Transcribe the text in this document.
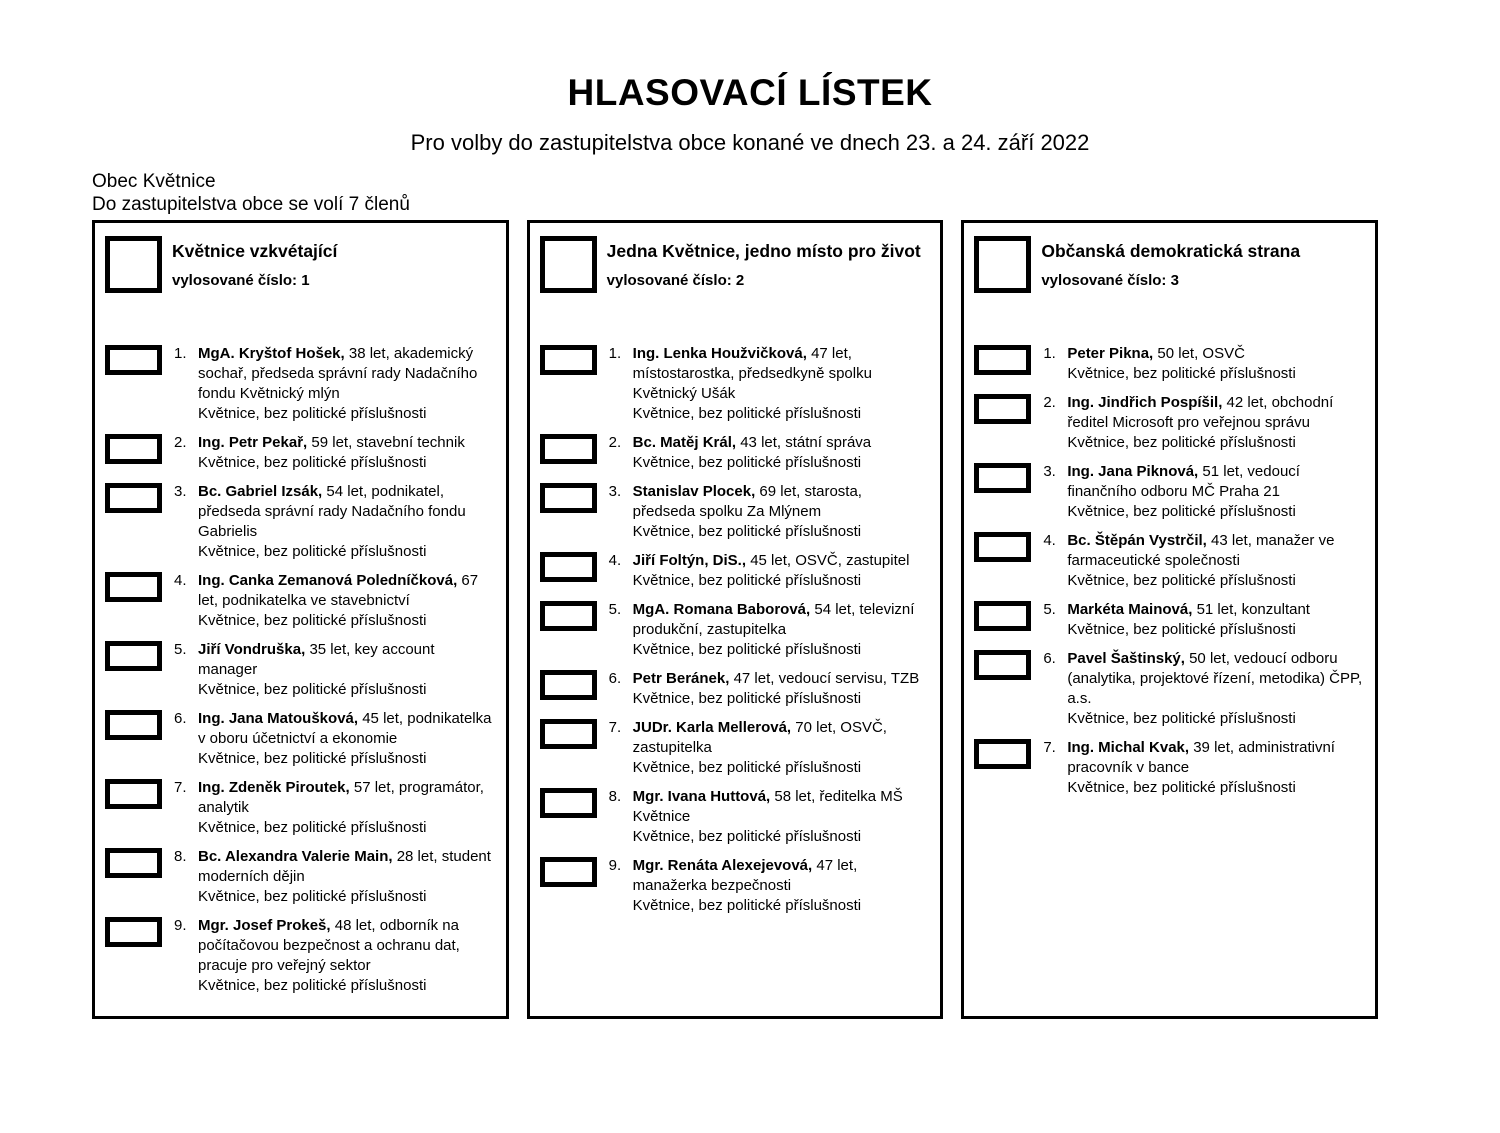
HLASOVACÍ LÍSTEK

Pro volby do zastupitelstva obce konané ve dnech 23. a 24. září 2022

Obec Květnice
Do zastupitelstva obce se volí 7 členů
Květnice vzkvétající
vylosované číslo: 1
1. MgA. Kryštof Hošek, 38 let, akademický sochař, předseda správní rady Nadačního fondu Květnický mlýn
Květnice, bez politické příslušnosti
2. Ing. Petr Pekař, 59 let, stavební technik
Květnice, bez politické příslušnosti
3. Bc. Gabriel Izsák, 54 let, podnikatel, předseda správní rady Nadačního fondu Gabrielis
Květnice, bez politické příslušnosti
4. Ing. Canka Zemanová Poledníčková, 67 let, podnikatelka ve stavebnictví
Květnice, bez politické příslušnosti
5. Jiří Vondruška, 35 let, key account manager
Květnice, bez politické příslušnosti
6. Ing. Jana Matoušková, 45 let, podnikatelka v oboru účetnictví a ekonomie
Květnice, bez politické příslušnosti
7. Ing. Zdeněk Piroutek, 57 let, programátor, analytik
Květnice, bez politické příslušnosti
8. Bc. Alexandra Valerie Main, 28 let, student moderních dějin
Květnice, bez politické příslušnosti
9. Mgr. Josef Prokeš, 48 let, odborník na počítačovou bezpečnost a ochranu dat, pracuje pro veřejný sektor
Květnice, bez politické příslušnosti
Jedna Květnice, jedno místo pro život
vylosované číslo: 2
1. Ing. Lenka Houžvičková, 47 let, místostarostka, předsedkyně spolku Květnický Ušák
Květnice, bez politické příslušnosti
2. Bc. Matěj Král, 43 let, státní správa
Květnice, bez politické příslušnosti
3. Stanislav Plocek, 69 let, starosta, předseda spolku Za Mlýnem
Květnice, bez politické příslušnosti
4. Jiří Foltýn, DiS., 45 let, OSVČ, zastupitel
Květnice, bez politické příslušnosti
5. MgA. Romana Baborová, 54 let, televizní produkční, zastupitelka
Květnice, bez politické příslušnosti
6. Petr Beránek, 47 let, vedoucí servisu, TZB
Květnice, bez politické příslušnosti
7. JUDr. Karla Mellerová, 70 let, OSVČ, zastupitelka
Květnice, bez politické příslušnosti
8. Mgr. Ivana Huttová, 58 let, ředitelka MŠ Květnice
Květnice, bez politické příslušnosti
9. Mgr. Renáta Alexejevová, 47 let, manažerka bezpečnosti
Květnice, bez politické příslušnosti
Občanská demokratická strana
vylosované číslo: 3
1. Peter Pikna, 50 let, OSVČ
Květnice, bez politické příslušnosti
2. Ing. Jindřich Pospíšil, 42 let, obchodní ředitel Microsoft pro veřejnou správu
Květnice, bez politické příslušnosti
3. Ing. Jana Piknová, 51 let, vedoucí finančního odboru MČ Praha 21
Květnice, bez politické příslušnosti
4. Bc. Štěpán Vystrčil, 43 let, manažer ve farmaceutické společnosti
Květnice, bez politické příslušnosti
5. Markéta Mainová, 51 let, konzultant
Květnice, bez politické příslušnosti
6. Pavel Šaštinský, 50 let, vedoucí odboru (analytika, projektové řízení, metodika) ČPP, a.s.
Květnice, bez politické příslušnosti
7. Ing. Michal Kvak, 39 let, administrativní pracovník v bance
Květnice, bez politické příslušnosti
